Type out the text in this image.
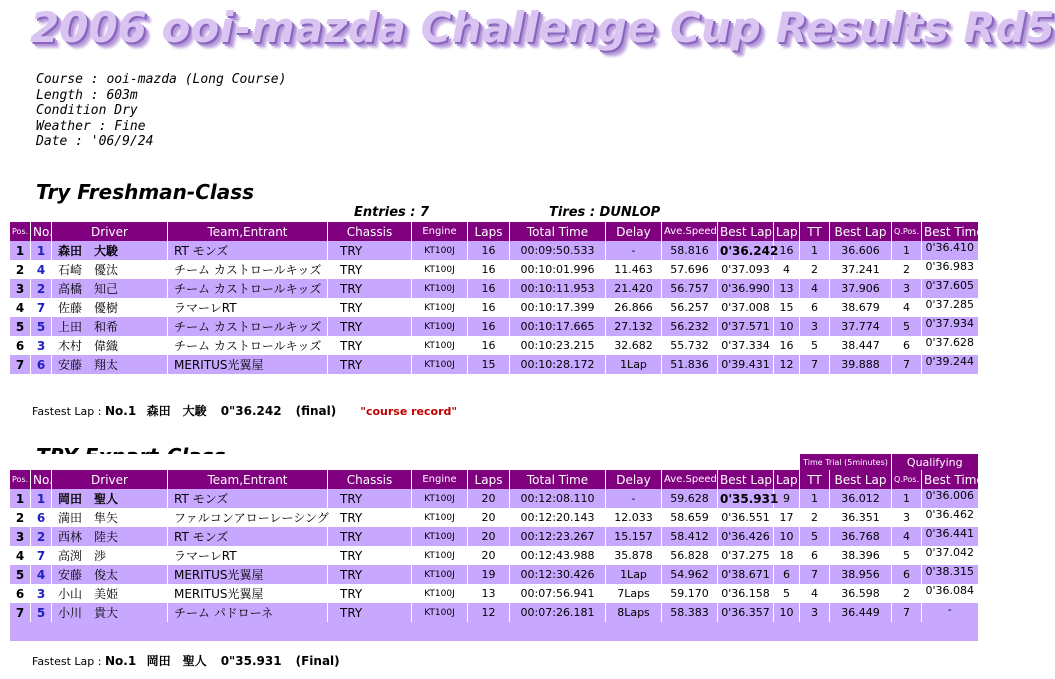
2006 ooi-mazda Challenge Cup Results Rd5
Course : ooi-mazda (Long Course)
Length : 603m
Condition Dry
Weather : Fine
Date : '06/9/24
Try Freshman-Class
Entries : 7	Tires : DUNLOP
Pos.	No.	Driver	Team,Entrant	Chassis	Engine	Laps	Total Time	Delay	Ave.Speed	Best Lap	Lap	TT	Best Lap	Q.Pos.	Best Time
1	1	森田　大駿	RT モンズ	TRY	KT100J	16	00:09:50.533	-	58.816	0'36.242	16	1	36.606	1	0'36.410
2	4	石崎　優汰	チーム カストロールキッズ	TRY	KT100J	16	00:10:01.996	11.463	57.696	0'37.093	4	2	37.241	2	0'36.983
3	2	高橋　知己	チーム カストロールキッズ	TRY	KT100J	16	00:10:11.953	21.420	56.757	0'36.990	13	4	37.906	3	0'37.605
4	7	佐藤　優樹	ラマーレRT	TRY	KT100J	16	00:10:17.399	26.866	56.257	0'37.008	15	6	38.679	4	0'37.285
5	5	上田　和希	チーム カストロールキッズ	TRY	KT100J	16	00:10:17.665	27.132	56.232	0'37.571	10	3	37.774	5	0'37.934
6	3	木村　偉織	チーム カストロールキッズ	TRY	KT100J	16	00:10:23.215	32.682	55.732	0'37.334	16	5	38.447	6	0'37.628
7	6	安藤　翔太	MERITUS光翼屋	TRY	KT100J	15	00:10:28.172	1Lap	51.836	0'39.431	12	7	39.888	7	0'39.244
Fastest Lap : No.1 森田　大駿 0"36.242 (final) "course record"
												Time Trial (5minutes)		Qualifying	
Pos.	No.	Driver	Team,Entrant	Chassis	Engine	Laps	Total Time	Delay	Ave.Speed	Best Lap	Lap	TT	Best Lap	Q.Pos.	Best Time
1	1	岡田　聖人	RT モンズ	TRY	KT100J	20	00:12:08.110	-	59.628	0'35.931	9	1	36.012	1	0'36.006
2	6	満田　隼矢	ファルコンアローレーシング	TRY	KT100J	20	00:12:20.143	12.033	58.659	0'36.551	17	2	36.351	3	0'36.462
3	2	西林　陸夫	RT モンズ	TRY	KT100J	20	00:12:23.267	15.157	58.412	0'36.426	10	5	36.768	4	0'36.441
4	7	高渕　渉	ラマーレRT	TRY	KT100J	20	00:12:43.988	35.878	56.828	0'37.275	18	6	38.396	5	0'37.042
5	4	安藤　俊太	MERITUS光翼屋	TRY	KT100J	19	00:12:30.426	1Lap	54.962	0'38.671	6	7	38.956	6	0'38.315
6	3	小山　美姫	MERITUS光翼屋	TRY	KT100J	13	00:07:56.941	7Laps	59.170	0'36.158	5	4	36.598	2	0'36.084
7	5	小川　貴大	チーム パドローネ	TRY	KT100J	12	00:07:26.181	8Laps	58.383	0'36.357	10	3	36.449	7	-

Fastest Lap : No.1 岡田　聖人 0"35.931 (Final)
